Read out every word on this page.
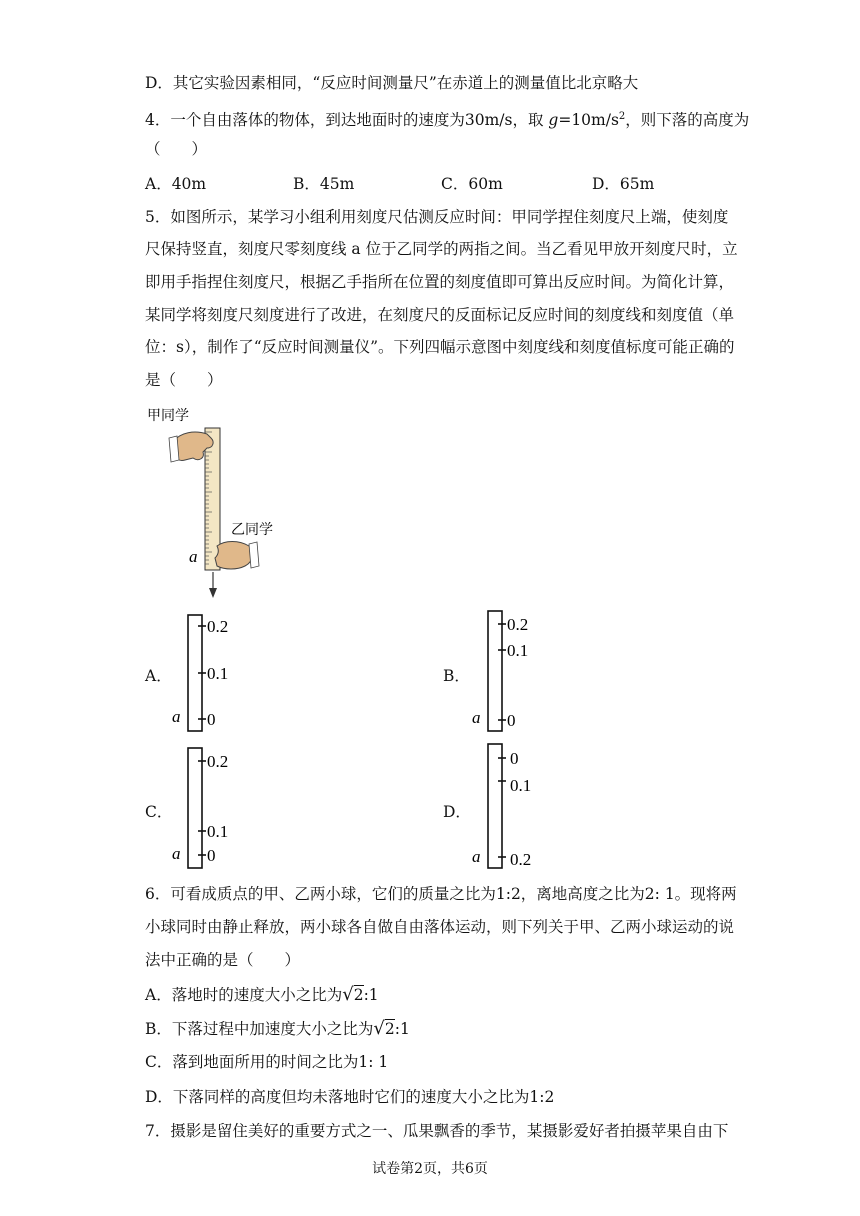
D．其它实验因素相同，“反应时间测量尺”在赤道上的测量值比北京略大
4．一个自由落体的物体，到达地面时的速度为30m/s，取 $g=10m/s^2$，则下落的高度为
（　　）
A．40m	B．45m	C．60m	D．65m
5．如图所示，某学习小组利用刻度尺估测反应时间：甲同学捏住刻度尺上端，使刻度
尺保持竖直，刻度尺零刻度线 a 位于乙同学的两指之间。当乙看见甲放开刻度尺时，立
即用手指捏住刻度尺，根据乙手指所在位置的刻度值即可算出反应时间。为简化计算，
某同学将刻度尺刻度进行了改进，在刻度尺的反面标记反应时间的刻度线和刻度值（单
位：s），制作了“反应时间测量仪”。下列四幅示意图中刻度线和刻度值标度可能正确的
是（　　）
甲同学
乙同学
a
A．
0.2
0.1
0
a
B．
0.2
0.1
0
a
C．
0.2
0.1
0
a
D．
0
0.1
0.2
a
6．可看成质点的甲、乙两小球，它们的质量之比为1:2，离地高度之比为2: 1。现将两
小球同时由静止释放，两小球各自做自由落体运动，则下列关于甲、乙两小球运动的说
法中正确的是（　　）
A．落地时的速度大小之比为√2:1
B．下落过程中加速度大小之比为√2:1
C．落到地面所用的时间之比为1: 1
D．下落同样的高度但均未落地时它们的速度大小之比为1:2
7．摄影是留住美好的重要方式之一、瓜果飘香的季节，某摄影爱好者拍摄苹果自由下
试卷第2页，共6页
